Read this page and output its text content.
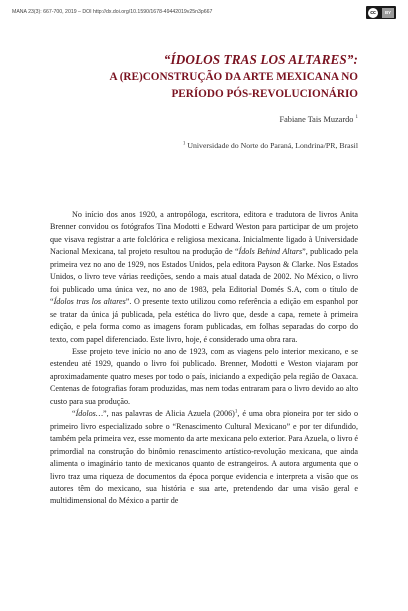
MANA 23(3): 667-700, 2019 – DOI http://dx.doi.org/10.1590/1678-49442019v25n3p667	cc	BY
“ÍDOLOS TRAS LOS ALTARES”:
A (RE)CONSTRUÇÃO DA ARTE MEXICANA NO
PERÍODO PÓS-REVOLUCIONÁRIO
Fabiane Tais Muzardo $^1$
$^1$ Universidade do Norte do Paraná, Londrina/PR, Brasil

No início dos anos 1920, a antropóloga, escritora, editora e tradutora de livros Anita Brenner convidou os fotógrafos Tina Modotti e Edward Weston para participar de um projeto que visava registrar a arte folclórica e religiosa mexicana. Inicialmente ligado à Universidade Nacional Mexicana, tal projeto resultou na produção de “Ídols Behind Altars”, publicado pela primeira vez no ano de 1929, nos Estados Unidos, pela editora Payson & Clarke. Nos Estados Unidos, o livro teve várias reedições, sendo a mais atual datada de 2002. No México, o livro foi publicado uma única vez, no ano de 1983, pela Editorial Domés S.A, com o título de “Ídolos tras los altares”. O presente texto utilizou como referência a edição em espanhol por se tratar da única já publicada, pela estética do livro que, desde a capa, remete à primeira edição, e pela forma como as imagens foram publicadas, em folhas separadas do corpo do texto, com papel diferenciado. Este livro, hoje, é considerado uma obra rara.

Esse projeto teve início no ano de 1923, com as viagens pelo interior mexicano, e se estendeu até 1929, quando o livro foi publicado. Brenner, Modotti e Weston viajaram por aproximadamente quatro meses por todo o país, iniciando a expedição pela região de Oaxaca. Centenas de fotografias foram produzidas, mas nem todas entraram para o livro devido ao alto custo para sua produção.

“Ídolos…”, nas palavras de Alicia Azuela $(2006)^1$, é uma obra pioneira por ter sido o primeiro livro especializado sobre o “Renascimento Cultural Mexicano” e por ter difundido, também pela primeira vez, esse momento da arte mexicana pelo exterior. Para Azuela, o livro é primordial na construção do binômio renascimento artístico-revolução mexicana, que ainda alimenta o imaginário tanto de mexicanos quanto de estrangeiros. A autora argumenta que o livro traz uma riqueza de documentos da época porque evidencia e interpreta a visão que os autores têm do mexicano, sua história e sua arte, pretendendo dar uma visão geral e multidimensional do México a partir de
